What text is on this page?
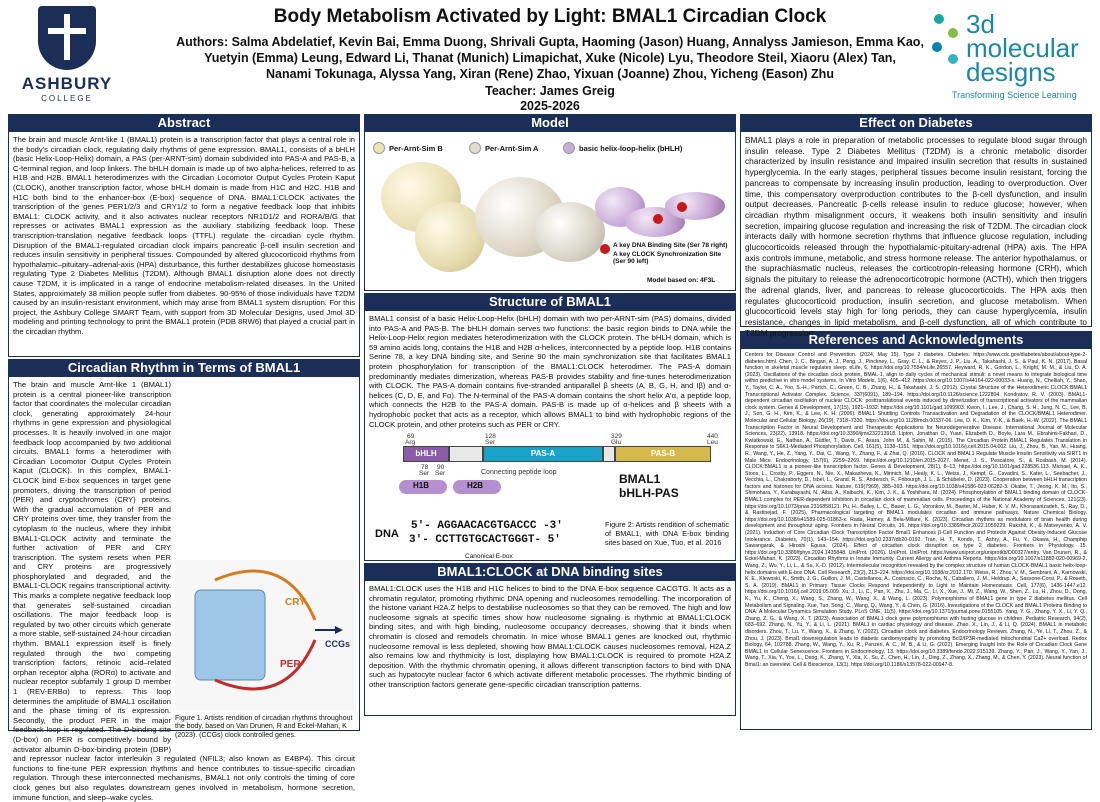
ASHBURY
COLLEGE
Body Metabolism Activated by Light: BMAL1 Circadian Clock
Authors: Salma Abdelatief, Kevin Bai, Emma Duong, Shrivali Gupta, Haoming (Jason) Huang, Annalyss Jamieson, Emma Kao,
Yuetyin (Emma) Leung, Edward Li, Thanat (Munich) Limapichat, Xuke (Nicole) Lyu, Theodore Steil, Xiaoru (Alex) Tan,
Nanami Tokunaga, Alyssa Yang, Xiran (Rene) Zhao, Yixuan (Joanne) Zhou, Yicheng (Eason) Zhu
Teacher: James Greig
2025-2026
3d
molecular
designs
Transforming Science Learning
Abstract
The brain and muscle Arnt-like 1 (BMAL1) protein is a transcription factor that plays a central role in the body's circadian clock, regulating daily rhythms of gene expression. BMAL1, consists of a bHLH (basic Helix-Loop-Helix) domain, a PAS (per-ARNT-sim) domain subdivided into PAS-A and PAS-B, a C-terminal region, and loop linkers. The bHLH domain is made up of two alpha-helices, referred to as H1B and H2B. BMAL1 heterodimerizes with the Circadian Locomotor Output Cycles Protein Kaput (CLOCK), another transcription factor, whose bHLH domain is made from H1C and H2C. H1B and H1C both bind to the enhancer-box (E-box) sequence of DNA. BMAL1:CLOCK activates the transcription of the genes PER1/2/3 and CRY1/2 to form a negative feedback loop that inhibits BMAL1: CLOCK activity, and it also activates nuclear receptors NR1D1/2 and RORA/B/G that represses or activates BMAL1 expression as the auxiliary stabilizing feedback loop. These transcription-translation negative feedback loops (TTFL) regulate the circadian cycle rhythm. Disruption of the BMAL1-regulated circadian clock impairs pancreatic β-cell insulin secretion and reduces insulin sensitivity in peripheral tissues. Compounded by altered glucocorticoid rhythms from hypothalamic–pituitary–adrenal-axis (HPA) disturbance, this further destabilizes glucose homeostasis regulating Type 2 Diabetes Mellitus (T2DM). Although BMAL1 disruption alone does not directly cause T2DM, it is implicated in a range of endocrine metabolism-related diseases. In the United States, approximately 38 million people suffer from diabetes. 90-95% of those individuals have T2DM caused by an insulin-resistant environment, which may arise from BMAL1 system disruption. For this project, the Ashbury College SMART Team, with support from 3D Molecular Designs, used Jmol 3D modeling and printing technology to print the BMAL1 protein (PDB 8RW6) that played a crucial part in the circadian rhythm.
Circadian Rhythm in Terms of BMAL1
CRY
PER
CCGs
Figure 1. Artists rendition of circadian rhythms throughout the body, based on Van Drunen, R and Eckel-Mahan, K (2023). (CCGs) clock controlled genes.
The brain and muscle Arnt-like 1 (BMAL1) protein is a central pioneer-like transcription factor that coordinates the molecular circadian clock, generating approximately 24-hour rhythms in gene expression and physiological processes. It is heavily involved in one major feedback loop accompanied by two additional circuits. BMAL1 forms a heterodimer with Circadian Locomotor Output Cycles Protein Kaput (CLOCK). In this complex, BMAL1-CLOCK bind E-box sequences in target gene promoters, driving the transcription of period (PER) and cryptochromes (CRY) proteins. With the gradual accumulation of PER and CRY proteins over time, they transfer from the cytoplasm to the nucleus, where they inhibit BMAL1-CLOCK activity and terminate the further activation of PER and CRY transcription. The system resets when PER and CRY proteins are progressively phosphorylated and degraded, and the BMAL1-CLOCK regains transcriptional activity. This marks a complete negative feedback loop that generates self-sustained circadian oscillations. The major feedback loop is regulated by two other circuits which generate a more stable, self-sustained 24-hour circadian rhythm. BMAL1 expression itself is finely regulated through the two competing transcription factors, retinoic acid–related orphan receptor alpha (RORα) to activate and nuclear receptor subfamily 1 group D member 1 (REV-ERBα) to repress. This loop determines the amplitude of BMAL1 oscillation and the phase timing of its expression. Secondly, the product PER in the major feedback loop is regulated. The D-binding site (D-box) on PER is competitively bound by activator albumin D-box-binding protein (DBP) and repressor nuclear factor interleukin 3 regulated (NFIL3; also known as E4BP4). This circuit functions to fine-tune PER expression rhythms and hence contributes to tissue-specific circadian regulation. Through these interconnected mechanisms, BMAL1 not only controls the timing of core clock genes but also regulates downstream genes involved in metabolism, hormone secretion, immune function, and sleep–wake cycles.
Model
Per-Arnt-Sim B	Per-Arnt-Sim A	basic helix-loop-helix (bHLH)
A key DNA Binding Site (Ser 78 right)
A key CLOCK Synchronization Site (Ser 90 left)
Model based on: 4F3L
Structure of BMAL1
BMAL1 consist of a basic Helix-Loop-Helix (bHLH) domain with two per-ARNT-sim (PAS) domains, divided into PAS-A and PAS-B. The bHLH domain serves two functions: the basic region binds to DNA while the Helix-Loop-Helix region mediates heterodimerization with the CLOCK protein. The bHLH domain, which is 59 amino acids long, contains the H1B and H2B α-helices, interconnected by a peptide loop. H1B contains Serine 78, a key DNA binding site, and Serine 90 the main synchronization site that facilitates BMAL1 protein phosphorylation for transcription of the BMAL1:CLOCK heterodimer. The PAS-A domain predominantly mediates dimerization, whereas PAS-B provides stability and fine-tunes heterodimerization with CLOCK. The PAS-A domain contains five-stranded antiparallel β sheets (A, B, G, H, and Iβ) and α-helices (C, D, E, and Fα). The N-terminal of the PAS-A domain contains the short helix A'α, a peptide loop, which connects the H2B to the PAS-A domain. PAS-B is made up of α-helices and β sheets with a hydrophobic pocket that acts as a receptor, which allows BMAL1 to bind with hydrophobic regions of the CLOCK protein, and other proteins such as PER or CRY.
69
Arg
128
Ser
329
Glu
440
Leu
bHLH	PAS-A	PAS-B
78
Ser
90
Ser	Connecting peptide loop
H1B	H2B	BMAL1
bHLH-PAS
5'- AGGAACACGTGACCC -3'
3'- CCTTGTGCACTGGGT- 5'
DNA
Canonical E-box
Figure 2: Artists rendition of schematic of BMAL1, with DNA E-box binding sites based on Xue, Tuo, et al. 2016
BMAL1:CLOCK at DNA binding sites
BMAL1:CLOCK uses the H1B and H1C helices to bind to the DNA E-box sequence CACGTG. It acts as a chromatin regulator, promoting rhythmic DNA opening and nucleosomes remodelling. The incorporation of the histone variant H2A.Z helps to destabilise nucleosomes so that they can be removed. The high and low nucleosome signals at specific times show how nucleosome signaling is rhythmic at BMAL1:CLOCK binding sites, and with high binding, nucleosome occupancy decreases, showing that it binds when chromatin is closed and remodels chromatin. In mice whose BMAL1 genes are knocked out, rhythmic nucleosome removal is less depleted, showing how BMAL1:CLOCK causes nucleosomes removal, H2A.Z also remains low and rhythmicity is lost, displaying how BMAL1:CLOCK is required to promote H2A.Z deposition. With the rhythmic chromatin opening, it allows different transcription factors to bind with DNA such as hypatocyte nuclear factor 6 which activate different metabolic processes. The rhythmic binding of other transcription factors generate gene-specific circadian transcription patterns.
Effect on Diabetes
BMAL1 plays a role in preparation of metabolic processes to regulate blood sugar through insulin release. Type 2 Diabetes Mellitus (T2DM) is a chronic metabolic disorder characterized by insulin resistance and impaired insulin secretion that results in sustained hyperglycemia. In the early stages, peripheral tissues become insulin resistant, forcing the pancreas to compensate by increasing insulin production, leading to overproduction. Over time, this compensatory overproduction contributes to the β-cell dysfunction, and insulin output decreases. Pancreatic β-cells release insulin to reduce glucose; however, when circadian rhythm misalignment occurs, it weakens both insulin sensitivity and insulin secretion, impairing glucose regulation and increasing the risk of T2DM. The circadian clock interacts daily with hormone secretion rhythms that influence glucose regulation, including glucocorticoids released through the hypothalamic-pituitary-adrenal (HPA) axis. The HPA axis controls immune, metabolic, and stress hormone release. The anterior hypothalamus, or the suprachiasmatic nucleus, releases the corticotropin-releasing hormone (CRH), which signals the pituitary to release the adrenocorticotropic hormone (ACTH), which then triggers the adrenal glands, liver, and pancreas to release glucocorticoids. The HPA axis then regulates glucocorticoid production, insulin secretion, and glucose metabolism. When glucocorticoid levels stay high for long periods, they can cause hyperglycemia, insulin resistance, changes in lipid metabolism, and β-cell dysfunction, all of which contribute to T2DM progression.
References and Acknowledgments
Centers for Disease Control and Prevention. (2024, May 15). Type 2 diabetes. Diabetes. https://www.cdc.gov/diabetes/about/about-type-2-diabetes.html. Chen, J. C., Bingan, A. J., Peng, J., Pinckney, L., Gray, C. L., & Reyes, J. P., Liu, A., Takahashi, J. S., & Paul, K. N. (2017). Basal function in skeletal muscle regulates sleep. eLife, 6, https://doi.org/10.7554/eLife.26557. Heyward, R. K., Gordon, L., Knight, M. M., & Liu, D. A. (2023). Oscillations of the circadian clock protein, BMAL-1, align to daily cycles of mechanical stimuli: a novel means to integrate biological time within predictive in vitro model systems. In Vitro Models, 1(6), 405–412. https://doi.org/10.1007/s44164-022-00033-x. Huang, N., Chelliah, Y., Shan, Y., Taylor, C. A., Yoo, S.-H., Partch, C., Green, C. B., Zhang, H., & Takahashi, J. S. (2012). Crystal Structure of the Heterodimeric CLOCK:BMAL1 Transcriptional Activator Complex. Science, 337(6091), 189–194. https://doi.org/10.1126/science.1222804. Kondratov, R. V. (2003). BMAL1-dependent circadian oscillation of nuclear CLOCK: posttranslational events induced by dimerization of transcriptional activators of the mammalian clock system. Genes & Development, 17(15), 1921–1932. https://doi.org/10.1101/gad.1099903. Kwon, I., Lee, J., Chang, S. H., Jung, N. C., Lee, B. J., Son, G. H., Kim, K., & Lee, K. H. (2006). BMAL1 Shuttling Controls Transactivation and Degradation of the CLOCK/BMAL1 Heterodimer. Molecular and Cellular Biology, 26(19), 7318–7330. https://doi.org/10.1128/mcb.00337-06. Lee, D. K., Kim, Y.-K., & Baek, H.-W. (2022). The BMAL1 Transcription Factor in Neural Development and Therapeutic Applications for Neurodegenerative Disease. International Journal of Molecular Sciences, 23(22), 13918. https://doi.org/10.3390/ijms232213918. Lipton, Jonathan O., Yuan, Elizabeth D., Boyle, Lara M., Ebrahimi-Fakhari, D., Kwiatkowski, E., Nathan, A., Güttler, T., Davis, F., Asara, John M., & Sahin, M. (2015). The Circadian Protein BMAL1 Regulates Translation in Response to S6K1-Mediated Phosphorylation. Cell, 161(5), 1138–1151. https://doi.org/10.1016/j.cell.2015.04.002. Liu, J., Zhou, B., Yan, M., Huang, R., Wang, Y., He, Z., Yang, Y., Dai, C., Wang, Y., Zhang, F., & Zhai, Q. (2016). CLOCK and BMAL1 Regulate Muscle Insulin Sensitivity via SIRT1 in Male Mice. Endocrinology, 157(6), 2259–2269. https://doi.org/10.1210/en.2015-2027. Menet, J. S., Pescatore, S., & Rosbash, M. (2014). CLOCK:BMAL1 is a pioneer-like transcription factor. Genes & Development, 28(1), 8–13. https://doi.org/10.1101/gad.228536.113. Michael, A. K., Stoos, L., Crosby, P., Eggers, N., Nie, X., Makasheva, K., Minnich, M., Healy, K. L., Weiss, J., Kempf, G., Cavadini, S., Kater, L., Seebacher, J., Vecchia, L., Chakraborty, D., Isbel, L., Grand, R. S., Andersch, F., Fribourgh, J. L., & Schübeler, D. (2023). Cooperation between bHLH transcription factors and histones for DNA access. Nature, 619(7969), 385–393. https://doi.org/10.1038/s41586-023-06282-3. Okabe, T., Jeong, K. M., Ito, S., Shimohara, Y., Kurabayashi, N., Aiba, A., Kaibuchi, K., Kim, J. K., & Yoshihara, M. (2024). Phosphorylation of BMAL1 binding domain of CLOCK-BMAL1 complex for PER-dependent inhibition in circadian clock of mammalian cells. Proceedings of the National Academy of Sciences, 121(23). https://doi.org/10.1073/pnas.2316858121. Pu, H., Bailey, L. C., Bauer, L. G., Voronkov, M., Baxter, M., Huber, K. V. M., Khorasanizadeh, S., Ray, D., & Rastinejad, F. (2025). Pharmacological targeting of BMAL1 modulates circadian and immune pathways. Nature Chemical Biology. https://doi.org/10.1038/s41589-025-01863-x. Rada, Hamey, & Bela-Millare, K. (2023). Circadian rhythms as modulators of brain health during development and throughout aging. Frontiers in Neural Circuits, 16. https://doi.org/10.3389/fncir.2022.1059229. Rakshit, K., & Matveyenko, A. V. (2021). Induction of Core Circadian Clock Transcription Factor Bmal1 Enhances β-Cell Function and Protects Against Obesity-Induced Glucose Intolerance. Diabetes, 70(1), 143–154. https://doi.org/10.2337/db20-0192. Tran, H. T., Kondo, T., Ashry, A., Fu, Y., Okawa, H., Champhip Sawangarak, & Hiroshi Egusa. (2024). Effect of circadian clock disruption on type 2 diabetes. Frontiers in Physiology, 15. https://doi.org/10.3389/fphys.2024.1435848. UniProt. (2026). UniProt. UniProt. https://www.uniprot.org/uniprotkb/O00327/entry. Van Drunen, R., & Eckel-Mahan, K. (2023). Circadian Rhythms in Innate Immunity. Current Allergy and Asthma Reports. https://doi.org/10.1007/s11882-020-00969-2. Wang, Z., Wu, Y., Li, L., & Su, X.-D. (2012). Intermolecular recognition revealed by the complex structure of human CLOCK-BMAL1 basic helix-loop-helix domains with E-box DNA. Cell Research, 23(2), 213–224. https://doi.org/10.1038/cr.2012.170. Weiss, R., Zhou, V. M., Sembrani, A., Karnowski, K. E., Klewoski, K., Smith, J. G., Guillon, J. M., Castellanos, A., Cosinscio, C., Rocha, N., Caballero, J. M., Heldrup, A., Sassone-Corsi, P., & Roseth, S. A. (2019). BMAL1 in Primary Tissue Clocks Respond Independently to Light to Maintain Homeostasis. Cell, 177(6), 1436-1447.e12. https://doi.org/10.1016/j.cell.2019.05.009. Xu, J., Li, C., Pan, X., Zhu, J., Ma, C., Li, X., Xue, J., Mi, Z., Wang, W., Shen, Z., Lu, H., Zhou, D., Dong, K., Yu, K., Cheng, X., Wang, S., Zhang, W., Wang, X., & Wang, L. (2023). Polymorphisms of BMAL1 gene in type 2 diabetes mellitus. Cell Metabolism and Signaling. Xue, Tuo, Song, C., Wang, Q., Wang, Y., & Chen, G. (2016). Investigations of the CLOCK and BMAL1 Proteins Binding to DNA: A Molecular Dynamics Simulation Study. PLoS ONE, 11(5). https://doi.org/10.1371/journal.pone.0155105. Yang, Y. G., Zhang, Y. X., Li, Y. Q., Zhang, Z. G., & Wang, X. T. (2023). Association of BMAL1 clock gene polymorphisms with fasting glucose in children. Pediatric Research, 94(2), 683–692. Zhang, N., Yu, Y., & Li, L. (2021). BMAL1 in cardiac physiology and disease. Zhao, X., Lin, J., & Li, Q. (2024). BMAL1 in metabolic disorders. Zhou, T., Lu, Y., Wang, X., & Zhang, Y. (2022). Circadian clock and diabetes. Endocrinology Reviews. Zhang, N., Ye, Li, T., Zhou, Z., & Zhou, J. (2023). Bmal1 downregulation leads to diabetic cardiomyopathy by promoting Bcl2/IP3R-mediated mitochondrial Ca2+ overload. Redox Biology, 64, 102788. Zhang, W., Wang, Y., Xu, R., Panzeri, A. C., M, B., & Li, G. (2022). Emerging Insight Into the Role of Circadian Clock Gene BMAL1 in Cellular Senescence. Frontiers in Endocrinology, 13. https://doi.org/10.3389/fendo.2022.915139. Zhang, Y., Pan, J., Wang, Y., Yan, J., Wang, T., Xia, Y., You, L., Deng, K., Zhang, Y., Xia, X., Su, Z., Chen, H., Lin, J., Ding, Z., Zhang, X., Zhang, M., & Chen, Y. (2023). Neural function of Bmal1: an overview. Cell & Bioscience, 13(1). https://doi.org/10.1186/s13578-022-00947-8.
